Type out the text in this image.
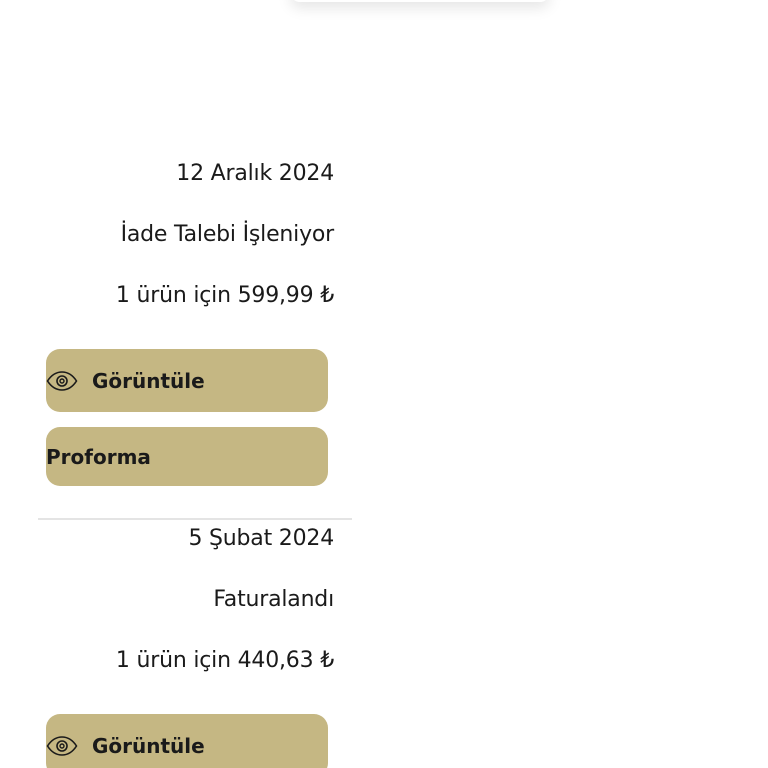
12 Aralık 2024
İade Talebi İşleniyor
1 ürün için 599,99 ₺
Görüntüle
Proforma
5 Şubat 2024
Faturalandı
1 ürün için 440,63 ₺
Görüntüle
